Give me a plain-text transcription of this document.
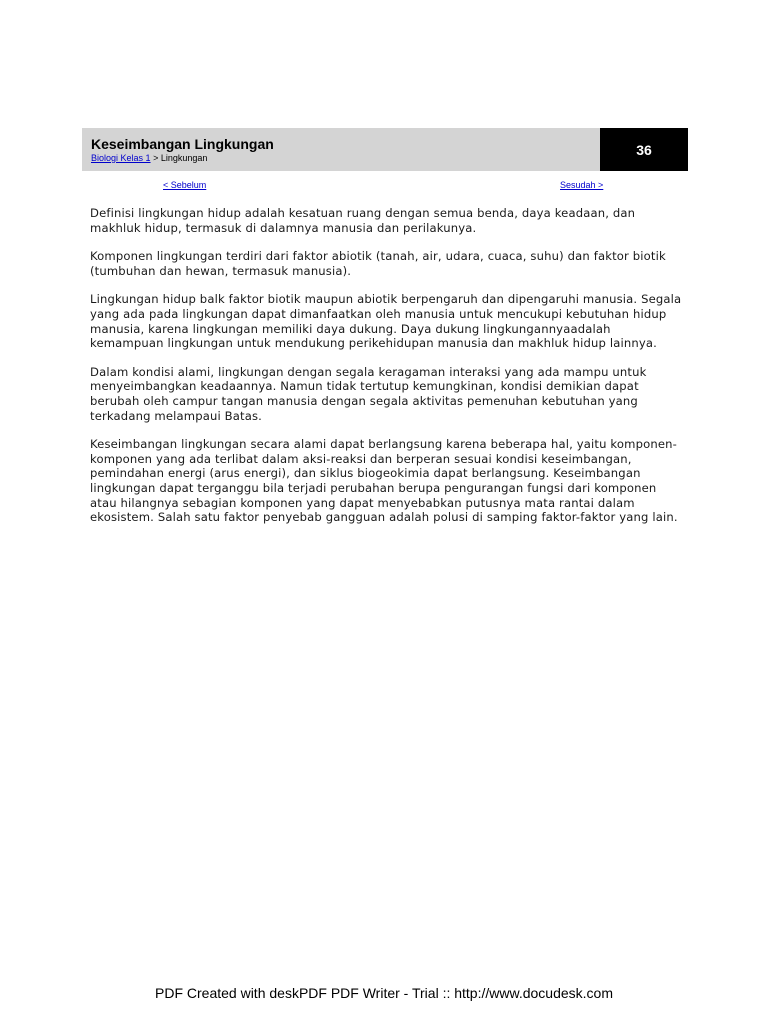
Keseimbangan Lingkungan
Biologi Kelas 1 > Lingkungan
36
< Sebelum	Sesudah >

Definisi lingkungan hidup adalah kesatuan ruang dengan semua benda, daya keadaan, dan makhluk hidup, termasuk di dalamnya manusia dan perilakunya.

Komponen lingkungan terdiri dari faktor abiotik (tanah, air, udara, cuaca, suhu) dan faktor biotik (tumbuhan dan hewan, termasuk manusia).

Lingkungan hidup balk faktor biotik maupun abiotik berpengaruh dan dipengaruhi manusia. Segala yang ada pada lingkungan dapat dimanfaatkan oleh manusia untuk mencukupi kebutuhan hidup manusia, karena lingkungan memiliki daya dukung. Daya dukung lingkungannyaadalah kemampuan lingkungan untuk mendukung perikehidupan manusia dan makhluk hidup lainnya.

Dalam kondisi alami, lingkungan dengan segala keragaman interaksi yang ada mampu untuk menyeimbangkan keadaannya. Namun tidak tertutup kemungkinan, kondisi demikian dapat berubah oleh campur tangan manusia dengan segala aktivitas pemenuhan kebutuhan yang terkadang melampaui Batas.

Keseimbangan lingkungan secara alami dapat berlangsung karena beberapa hal, yaitu komponen-komponen yang ada terlibat dalam aksi-reaksi dan berperan sesuai kondisi keseimbangan, pemindahan energi (arus energi), dan siklus biogeokimia dapat berlangsung. Keseimbangan lingkungan dapat terganggu bila terjadi perubahan berupa pengurangan fungsi dari komponen atau hilangnya sebagian komponen yang dapat menyebabkan putusnya mata rantai dalam ekosistem. Salah satu faktor penyebab gangguan adalah polusi di samping faktor-faktor yang lain.

PDF Created with deskPDF PDF Writer - Trial :: http://www.docudesk.com
